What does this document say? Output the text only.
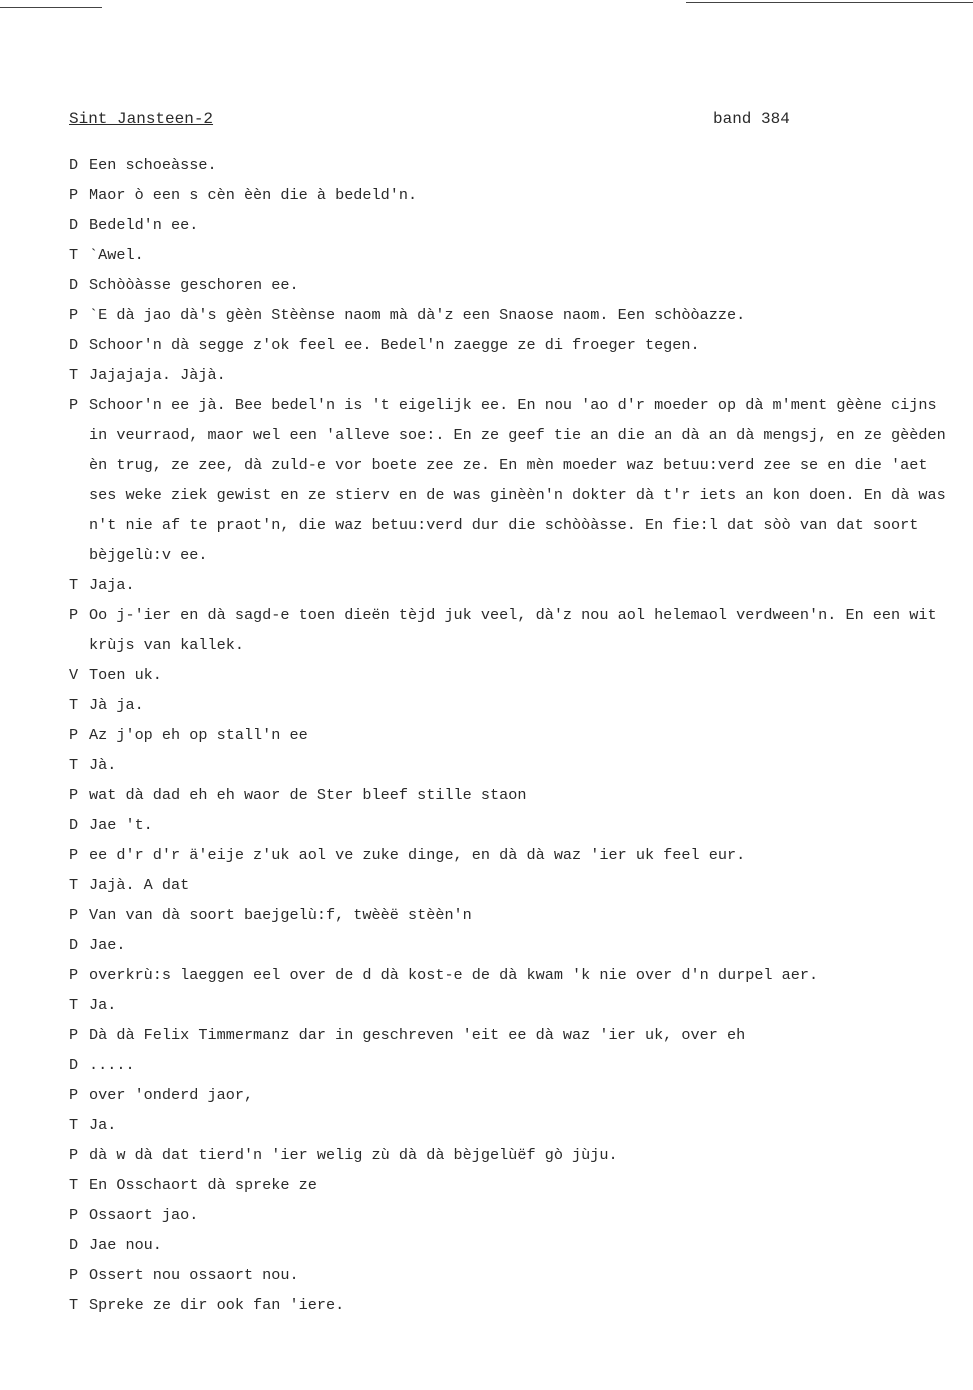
Sint Jansteen-2	band 384
D Een schoeàsse.
P Maor ò een s cèn èèn die à bedeld'n.
D Bedeld'n ee.
T `Awel.
D Schòòàsse geschoren ee.
P `E dà jao dà's gèèn Stèènse naom mà dà'z een Snaose naom. Een schòòazze.
D Schoor'n dà segge z'ok feel ee. Bedel'n zaegge ze di froeger tegen.
T Jajajaja. Jàjà.
P Schoor'n ee jà. Bee bedel'n is 't eigelijk ee. En nou 'ao d'r moeder op dà m'ment gèène cijns in veurraod, maor wel een 'alleve soe:. En ze geef tie an die an dà an dà mengsj, en ze gèèden èn trug, ze zee, dà zuld-e vor boete zee ze. En mèn moeder waz betuu:verd zee se en die 'aet ses weke ziek gewist en ze stierv en de was ginèèn'n dokter dà t'r iets an kon doen. En dà was n't nie af te praot'n, die waz betuu:verd dur die schòòàsse. En fie:l dat sòò van dat soort bèjgelù:v ee.
T Jaja.
P Oo j-'ier en dà sagd-e toen dieën tèjd juk veel, dà'z nou aol helemaol verdween'n. En een wit krùjs van kallek.
V Toen uk.
T Jà ja.
P Az j'op eh op stall'n ee
T Jà.
P wat dà dad eh eh waor de Ster bleef stille staon
D Jae 't.
P ee d'r d'r ä'eije z'uk aol ve zuke dinge, en dà dà waz 'ier uk feel eur.
T Jajà. A dat
P Van van dà soort baejgelù:f, twèèë stèèn'n
D Jae.
P overkrù:s laeggen eel over de d dà kost-e de dà kwam 'k nie over d'n durpel aer.
T Ja.
P Dà dà Felix Timmermanz dar in geschreven 'eit ee dà waz 'ier uk, over eh
D .....
P over 'onderd jaor,
T Ja.
P dà w dà dat tierd'n 'ier welig zù dà dà bèjgelùëf gò jùju.
T En Osschaort dà spreke ze
P Ossaort jao.
D Jae nou.
P Ossert nou ossaort nou.
T Spreke ze dir ook fan 'iere.
